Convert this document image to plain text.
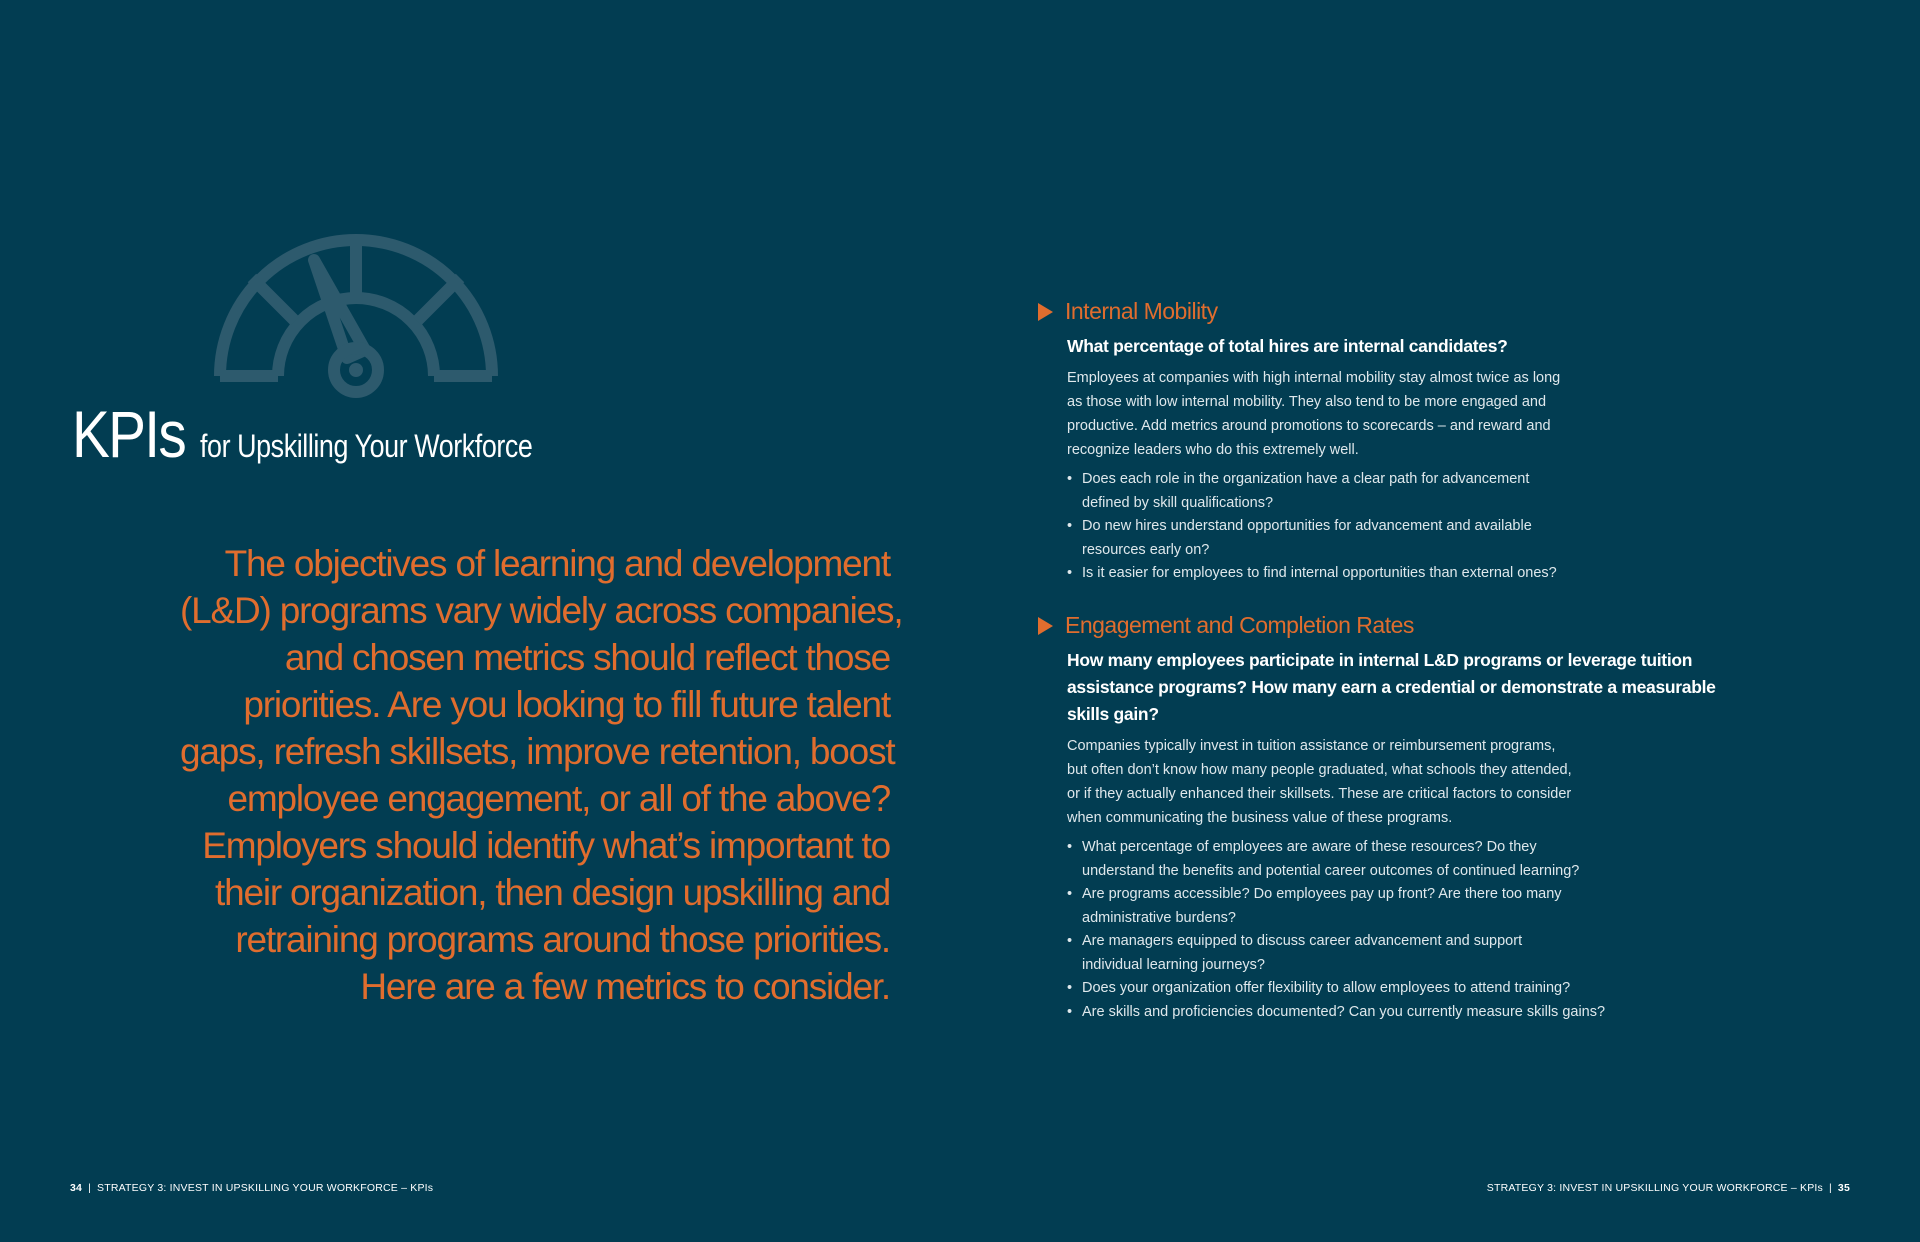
KPIs for Upskilling Your Workforce
The objectives of learning and development
(L&D) programs vary widely across companies,
and chosen metrics should reflect those
priorities. Are you looking to fill future talent
gaps, refresh skillsets, improve retention, boost
employee engagement, or all of the above?
Employers should identify what’s important to
their organization, then design upskilling and
retraining programs around those priorities.
Here are a few metrics to consider.
Internal Mobility
What percentage of total hires are internal candidates?
Employees at companies with high internal mobility stay almost twice as long
as those with low internal mobility. They also tend to be more engaged and
productive. Add metrics around promotions to scorecards – and reward and
recognize leaders who do this extremely well.
• Does each role in the organization have a clear path for advancement
defined by skill qualifications?
• Do new hires understand opportunities for advancement and available
resources early on?
• Is it easier for employees to find internal opportunities than external ones?
Engagement and Completion Rates
How many employees participate in internal L&D programs or leverage tuition
assistance programs? How many earn a credential or demonstrate a measurable
skills gain?
Companies typically invest in tuition assistance or reimbursement programs,
but often don’t know how many people graduated, what schools they attended,
or if they actually enhanced their skillsets. These are critical factors to consider
when communicating the business value of these programs.
• What percentage of employees are aware of these resources? Do they
understand the benefits and potential career outcomes of continued learning?
• Are programs accessible? Do employees pay up front? Are there too many
administrative burdens?
• Are managers equipped to discuss career advancement and support
individual learning journeys?
• Does your organization offer flexibility to allow employees to attend training?
• Are skills and proficiencies documented? Can you currently measure skills gains?
34 | STRATEGY 3: INVEST IN UPSKILLING YOUR WORKFORCE – KPIs	STRATEGY 3: INVEST IN UPSKILLING YOUR WORKFORCE – KPIs | 35
